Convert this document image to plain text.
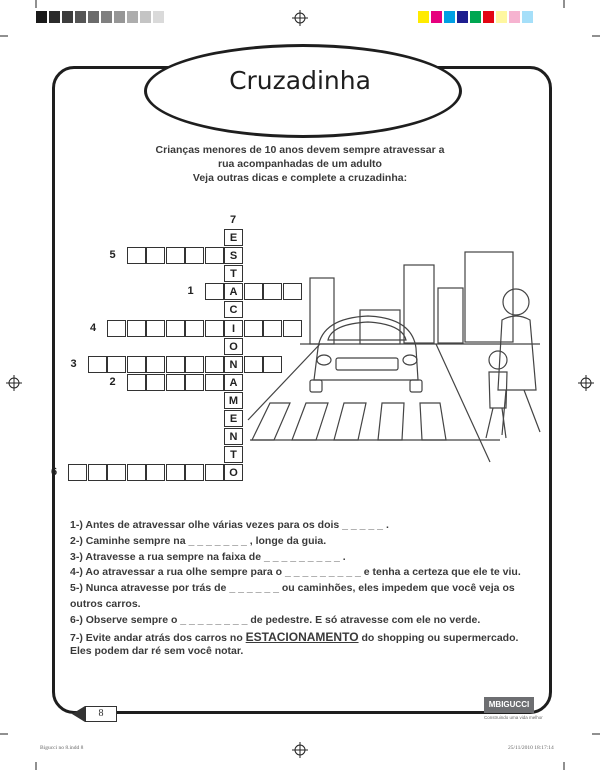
Cruzadinha
Crianças menores de 10 anos devem sempre atravessar a
rua acompanhadas de um adulto
Veja outras dicas e complete a cruzadinha:
7
E
S
T
A
C
I
O
N
A
M
E
N
T
O
5
1
4
3
2
6
1-) Antes de atravessar olhe várias vezes para os dois _ _ _ _ _ .
2-) Caminhe sempre na _ _ _ _ _ _ _ , longe da guia.
3-) Atravesse a rua sempre na faixa de _ _ _ _ _ _ _ _ _ .
4-) Ao atravessar a rua olhe sempre para o _ _ _ _ _ _ _ _ _ e tenha a certeza que ele te viu.
5-) Nunca atravesse por trás de _ _ _ _ _ _ ou caminhões, eles impedem que você veja os
outros carros.
6-) Observe sempre o _ _ _ _ _ _ _ _ de pedestre. E só atravesse com ele no verde.
7-) Evite andar atrás dos carros no ESTACIONAMENTO do shopping ou supermercado.
Eles podem dar ré sem você notar.
8
MBIGUCCI
Construindo uma vida melhor
Bigucci no 8.indd 8	25/11/2010 18:17:14
